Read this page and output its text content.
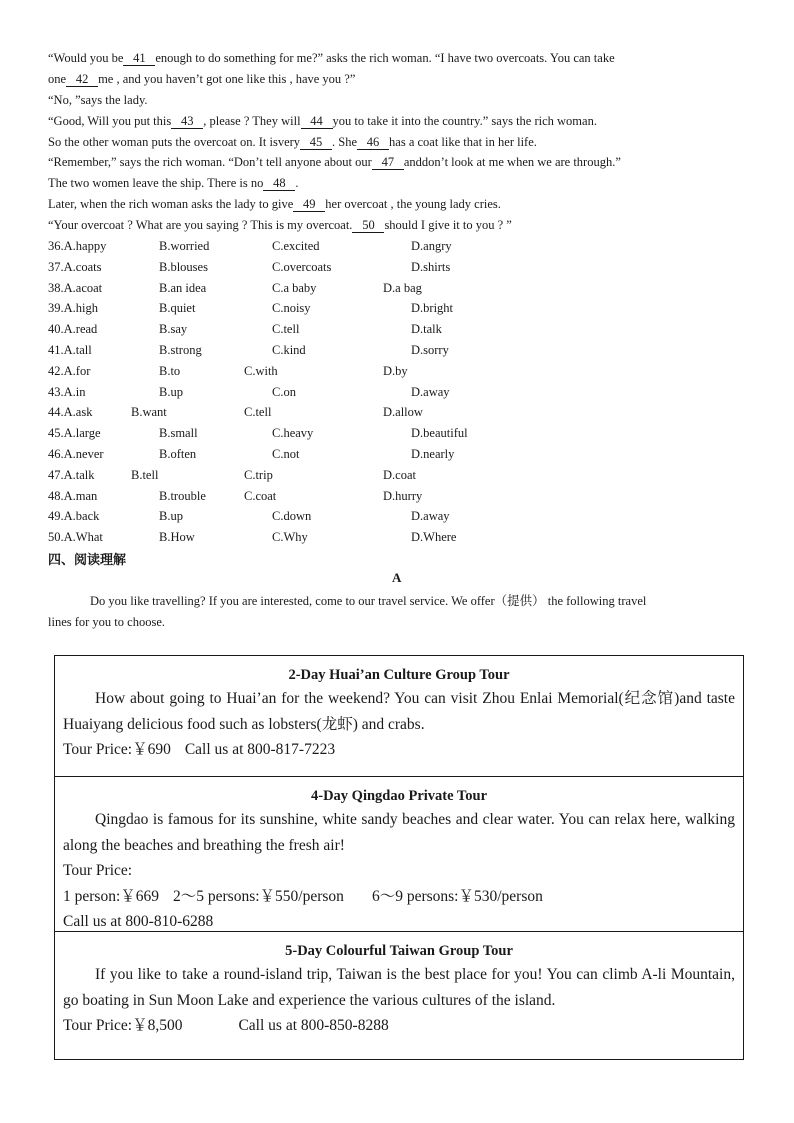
“Would you be 41 enough to do something for me?” asks the rich woman. “I have two overcoats. You can take
one 42 me , and you haven’t got one like this , have you ?”
“No, ”says the lady.
“Good, Will you put this 43 , please ? They will 44 you to take it into the country.” says the rich woman.
So the other woman puts the overcoat on. It isvery 45 . She 46 has a coat like that in her life.
“Remember,” says the rich woman. “Don’t tell anyone about our 47 anddon’t look at me when we are through.”
The two women leave the ship. There is no 48 .
Later, when the rich woman asks the lady to give 49 her overcoat , the young lady cries.
“Your overcoat ? What are you saying ? This is my overcoat. 50 should I give it to you ? ”
36.A.happy	B.worried	C.excited	D.angry
37.A.coats	B.blouses	C.overcoats	D.shirts
38.A.acoat	B.an idea	C.a baby	D.a bag
39.A.high	B.quiet	C.noisy	D.bright
40.A.read	B.say	C.tell	D.talk
41.A.tall	B.strong	C.kind	D.sorry
42.A.for	B.to	C.with	D.by
43.A.in	B.up	C.on	D.away
44.A.ask	B.want	C.tell	D.allow
45.A.large	B.small	C.heavy	D.beautiful
46.A.never	B.often	C.not	D.nearly
47.A.talk	B.tell	C.trip	D.coat
48.A.man	B.trouble	C.coat	D.hurry
49.A.back	B.up	C.down	D.away
50.A.What	B.How	C.Why	D.Where
四、阅读理解
A
Do you like travelling? If you are interested, come to our travel service. We offer（提供） the following travel
lines for you to choose.
2-Day Huai’an Culture Group Tour
How about going to Huai’an for the weekend? You can visit Zhou Enlai Memorial(纪念馆)and taste Huaiyang delicious food such as lobsters(龙虾) and crabs.
Tour Price:￥690 Call us at 800-817-7223
4-Day Qingdao Private Tour
Qingdao is famous for its sunshine, white sandy beaches and clear water. You can relax here, walking along the beaches and breathing the fresh air!
Tour Price:
1 person:￥669 2～5 persons:￥550/person 6～9 persons:￥530/person
Call us at 800-810-6288
5-Day Colourful Taiwan Group Tour
If you like to take a round-island trip, Taiwan is the best place for you! You can climb A-li Mountain, go boating in Sun Moon Lake and experience the various cultures of the island.
Tour Price:￥8,500	Call us at 800-850-8288
